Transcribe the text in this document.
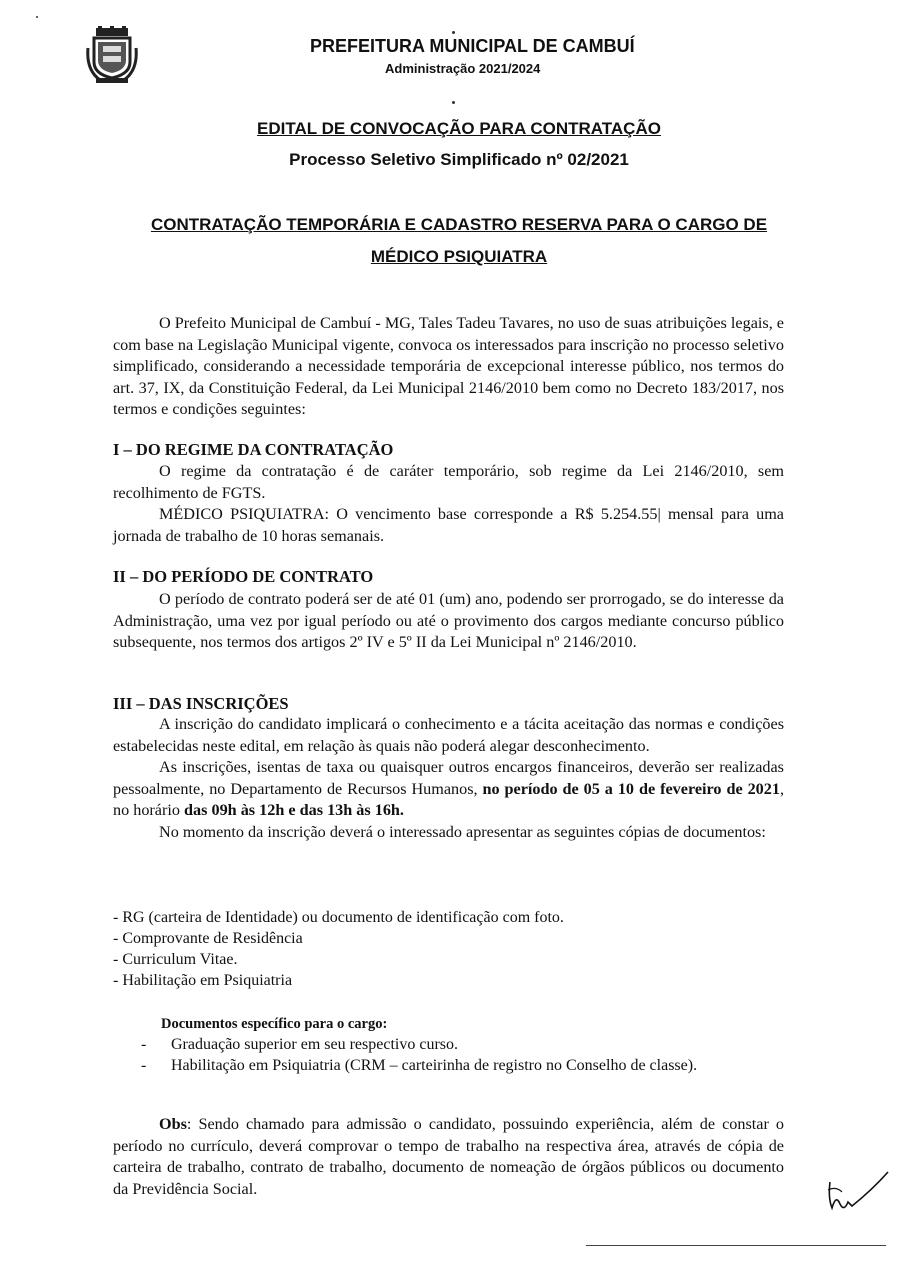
PREFEITURA MUNICIPAL DE CAMBUÍ
Administração 2021/2024
EDITAL DE CONVOCAÇÃO PARA CONTRATAÇÃO
Processo Seletivo Simplificado nº 02/2021
CONTRATAÇÃO TEMPORÁRIA E CADASTRO RESERVA PARA O CARGO DE
MÉDICO PSIQUIATRA

O Prefeito Municipal de Cambuí - MG, Tales Tadeu Tavares, no uso de suas atribuições legais, e com base na Legislação Municipal vigente, convoca os interessados para inscrição no processo seletivo simplificado, considerando a necessidade temporária de excepcional interesse público, nos termos do art. 37, IX, da Constituição Federal, da Lei Municipal 2146/2010 bem como no Decreto 183/2017, nos termos e condições seguintes:

I – DO REGIME DA CONTRATAÇÃO

O regime da contratação é de caráter temporário, sob regime da Lei 2146/2010, sem recolhimento de FGTS.

MÉDICO PSIQUIATRA: O vencimento base corresponde a R$ 5.254.55| mensal para uma jornada de trabalho de 10 horas semanais.

II – DO PERÍODO DE CONTRATO

O período de contrato poderá ser de até 01 (um) ano, podendo ser prorrogado, se do interesse da Administração, uma vez por igual período ou até o provimento dos cargos mediante concurso público subsequente, nos termos dos artigos 2º IV e 5º II da Lei Municipal nº 2146/2010.

III – DAS INSCRIÇÕES

A inscrição do candidato implicará o conhecimento e a tácita aceitação das normas e condições estabelecidas neste edital, em relação às quais não poderá alegar desconhecimento.

As inscrições, isentas de taxa ou quaisquer outros encargos financeiros, deverão ser realizadas pessoalmente, no Departamento de Recursos Humanos, no período de 05 a 10 de fevereiro de 2021, no horário das 09h às 12h e das 13h às 16h.

No momento da inscrição deverá o interessado apresentar as seguintes cópias de documentos:

- RG (carteira de Identidade) ou documento de identificação com foto.
- Comprovante de Residência
- Curriculum Vitae.
- Habilitação em Psiquiatria
Documentos específico para o cargo:
- Graduação superior em seu respectivo curso.
- Habilitação em Psiquiatria (CRM – carteirinha de registro no Conselho de classe).

Obs: Sendo chamado para admissão o candidato, possuindo experiência, além de constar o período no currículo, deverá comprovar o tempo de trabalho na respectiva área, através de cópia de carteira de trabalho, contrato de trabalho, documento de nomeação de órgãos públicos ou documento da Previdência Social.
